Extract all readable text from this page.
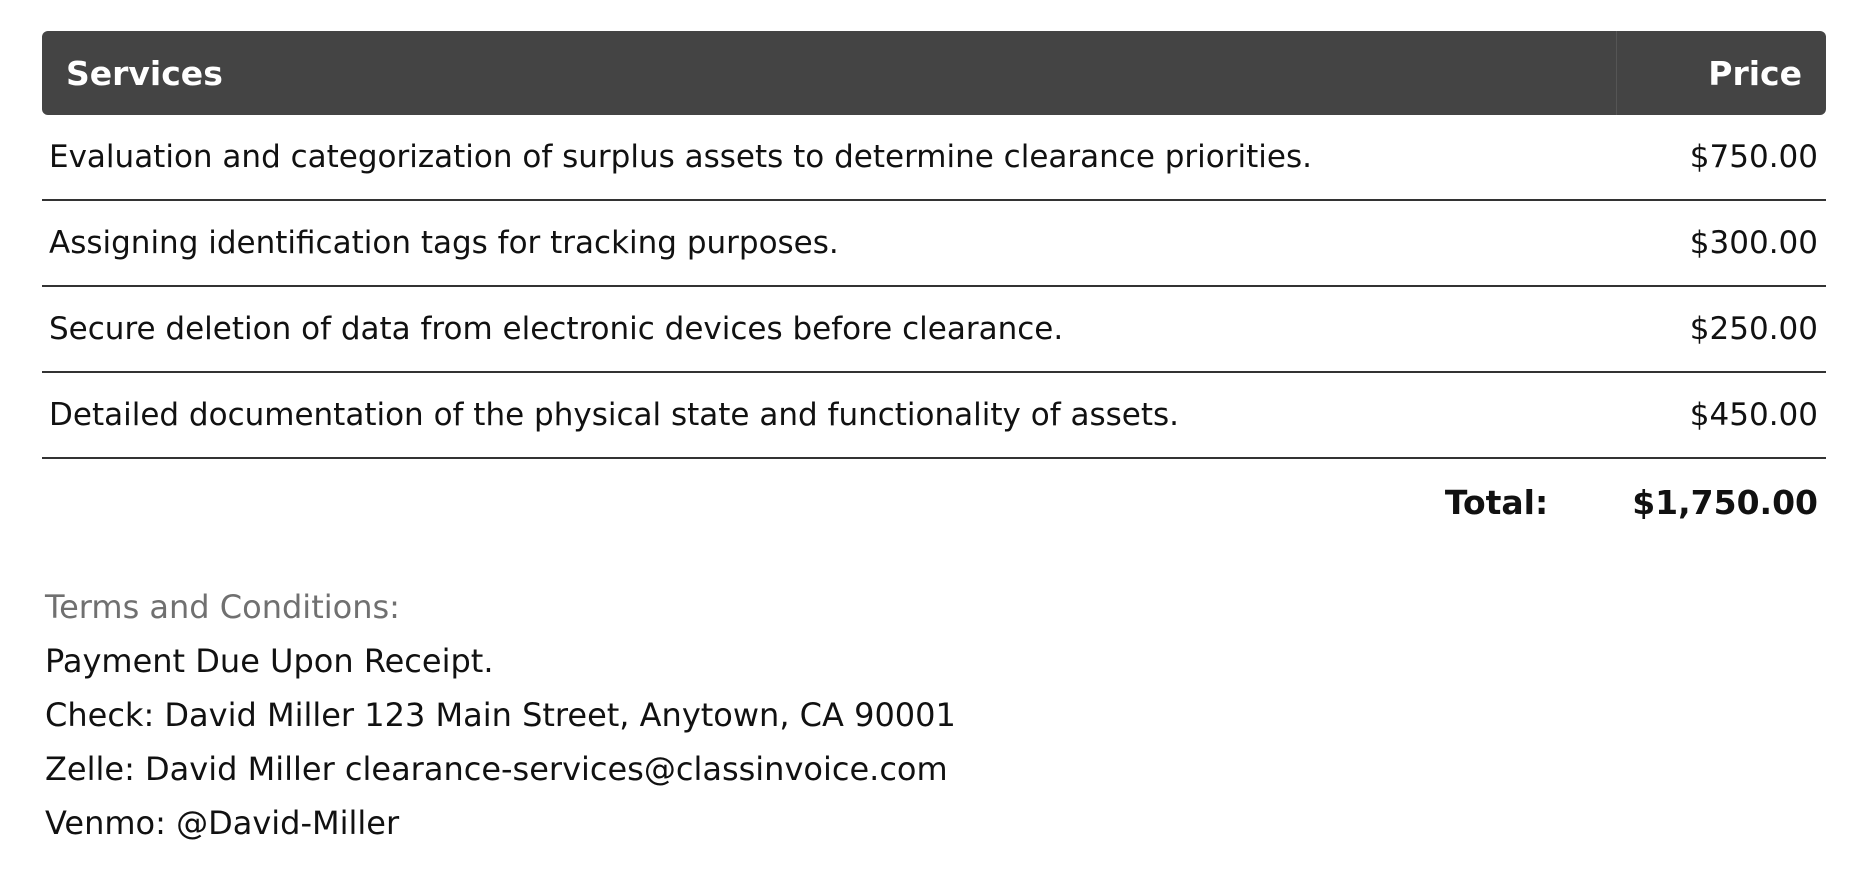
Services	Price
Evaluation and categorization of surplus assets to determine clearance priorities.	$750.00
Assigning identification tags for tracking purposes.	$300.00
Secure deletion of data from electronic devices before clearance.	$250.00
Detailed documentation of the physical state and functionality of assets.	$450.00
Total:	$1,750.00
Terms and Conditions:
Payment Due Upon Receipt.
Check: David Miller 123 Main Street, Anytown, CA 90001
Zelle: David Miller clearance-services@classinvoice.com
Venmo: @David-Miller
